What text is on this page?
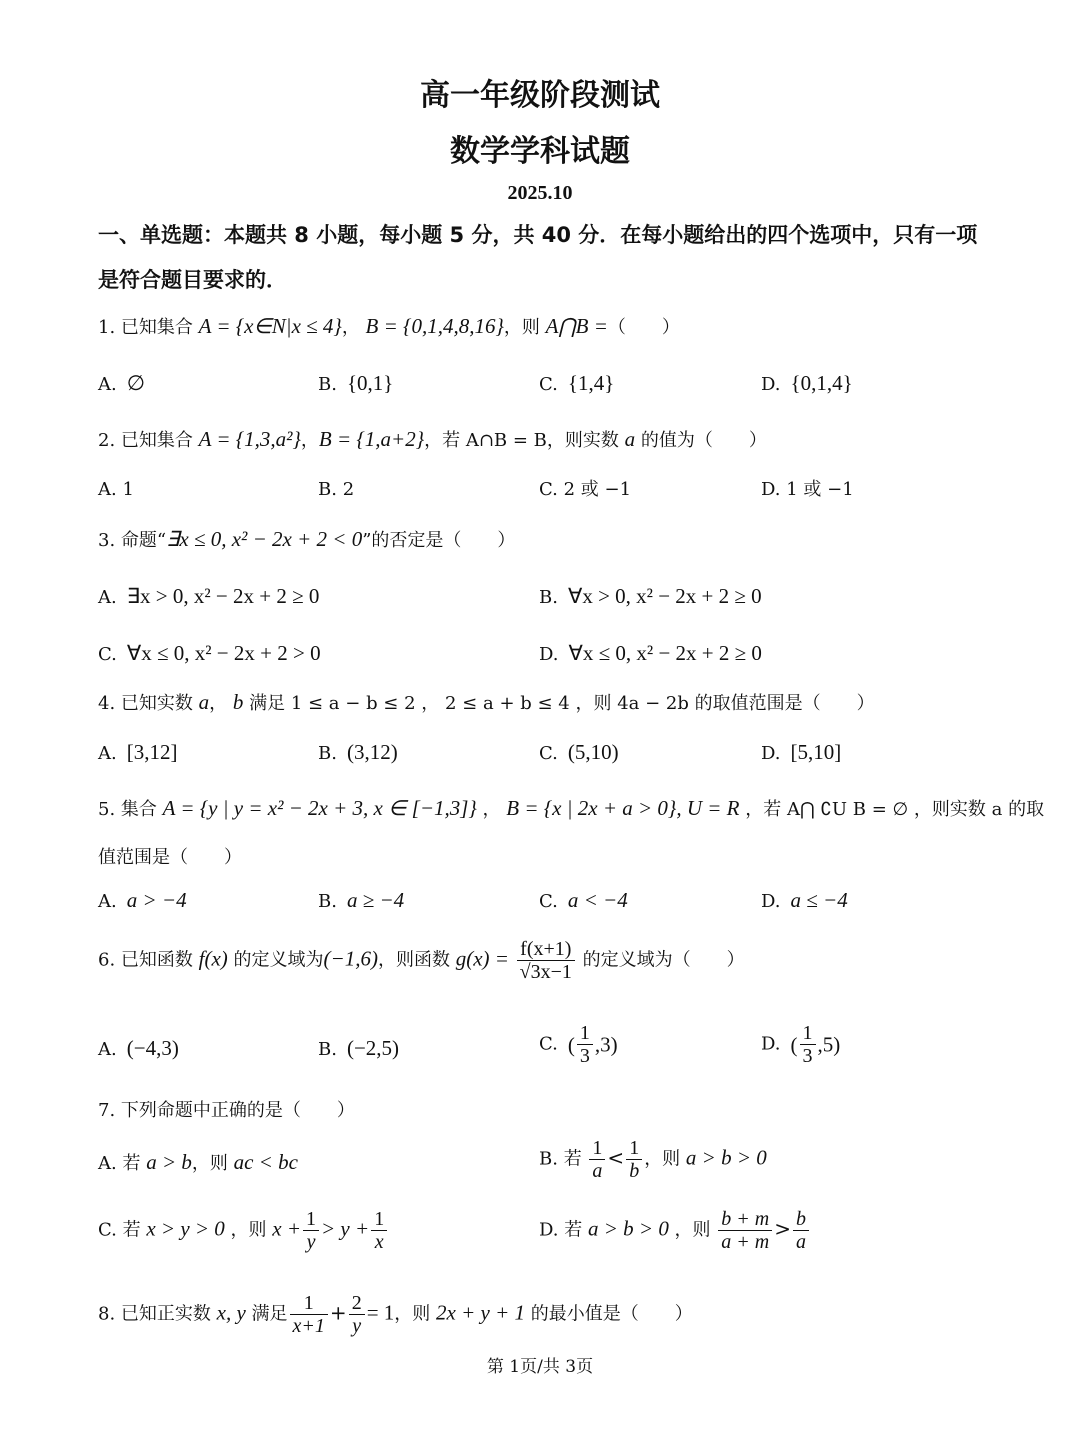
高一年级阶段测试
数学学科试题
2025.10
一、单选题：本题共 8 小题，每小题 5 分，共 40 分．在每小题给出的四个选项中，只有一项
是符合题目要求的．
1. 已知集合 A = {x∈N|x ≤ 4}， B = {0,1,4,8,16}，则 A⋂B =（　　）
A. ∅	B. {0,1}	C. {1,4}	D. {0,1,4}
2. 已知集合 A = {1,3,a²}，B = {1,a+2}，若 A∩B = B，则实数 a 的值为（　　）
A. 1	B. 2	C. 2 或 −1	D. 1 或 −1
3. 命题“∃x ≤ 0, x² − 2x + 2 < 0”的否定是（　　）
A. ∃x > 0, x² − 2x + 2 ≥ 0	B. ∀x > 0, x² − 2x + 2 ≥ 0
C. ∀x ≤ 0, x² − 2x + 2 > 0	D. ∀x ≤ 0, x² − 2x + 2 ≥ 0
4. 已知实数 a， b 满足 1 ≤ a − b ≤ 2 ， 2 ≤ a + b ≤ 4 ，则 4a − 2b 的取值范围是（　　）
A. [3,12]	B. (3,12)	C. (5,10)	D. [5,10]
5. 集合 A = {y | y = x² − 2x + 3, x ∈ [−1,3]} ， B = {x | 2x + a > 0}, U = R ，若 A⋂ ∁U B = ∅ ，则实数 a 的取
值范围是（　　）
A. a > −4	B. a ≥ −4	C. a < −4	D. a ≤ −4
6. 已知函数 f(x) 的定义域为(−1,6)，则函数 $g(x) = \frac{f(x+1)}{√3x-1}$ 的定义域为（　　）
A. (−4,3)	B. (−2,5)	C. ( $\frac{1}{3} ,3$)	D. ( $\frac{1}{3} ,5$)
7. 下列命题中正确的是（　　）
A. 若 a > b，则 ac < bc	B. 若 $\frac{1}{a} < \frac{1}{b}$ ，则 a > b > 0
C. 若 x > y > 0 ，则 $x + \frac{1}{y} > y + \frac{1}{x}$	D. 若 a > b > 0 ，则 $\frac{b + m}{a + m} > \frac{b}{a}$
8. 已知正实数 x, y 满足 $\frac{1}{x+1} + \frac{2}{y} = 1$，则 2x + y + 1 的最小值是（　　）
第 1页/共 3页
